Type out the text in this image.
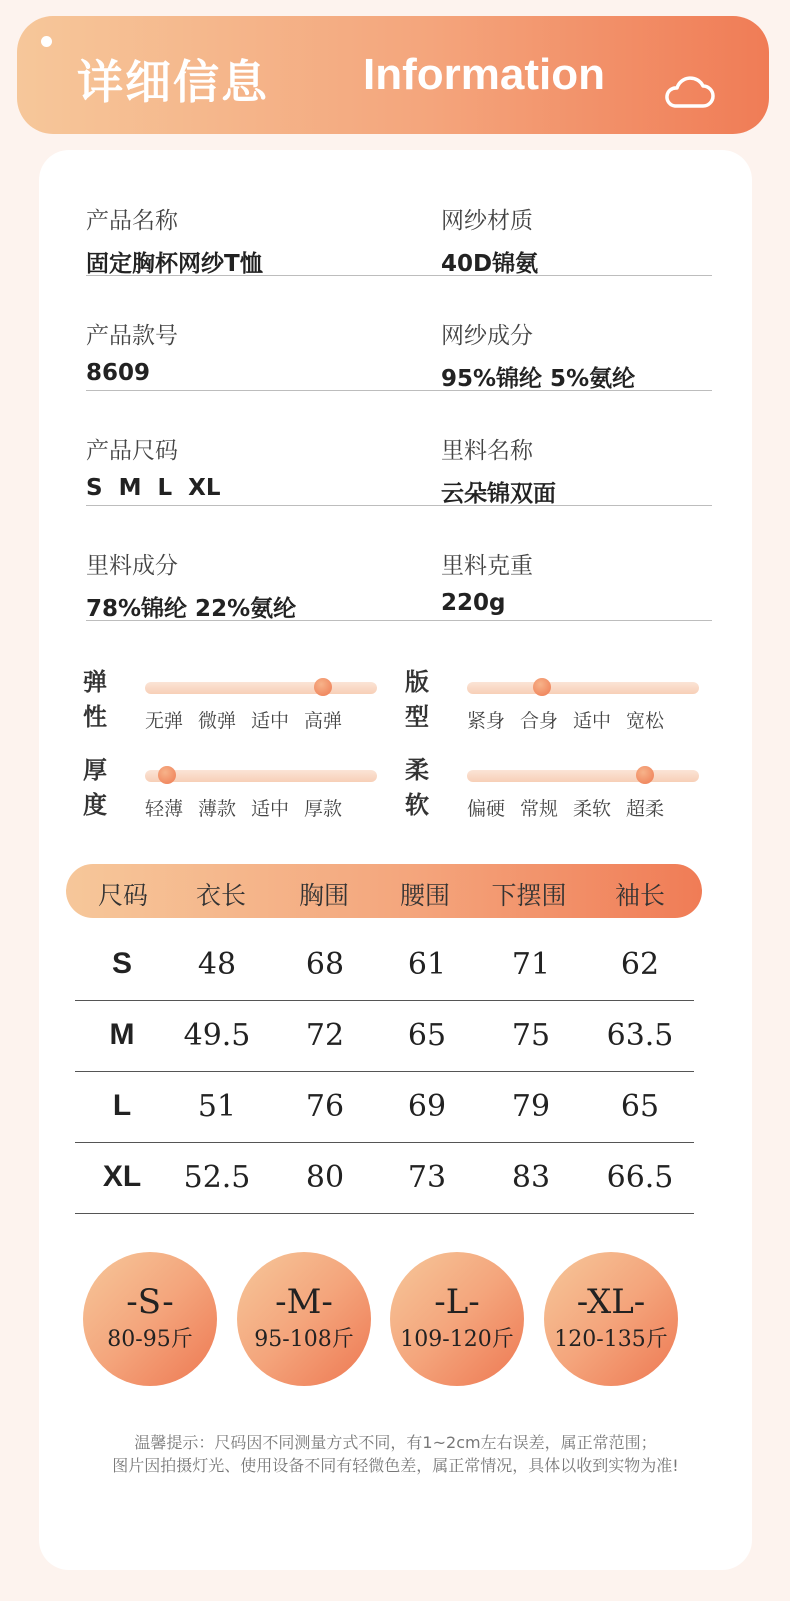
详细信息 Information
产品名称
固定胸杯网纱T恤
网纱材质
40D锦氨
产品款号
8609
网纱成分
95%锦纶 5%氨纶
产品尺码
S  M  L  XL
里料名称
云朵锦双面
里料成分
78%锦纶 22%氨纶
里料克重
220g
弹性 无弹 微弹 适中 高弹
版型 紧身 合身 适中 宽松
厚度 轻薄 薄款 适中 厚款
柔软 偏硬 常规 柔软 超柔
温馨提示：尺码因不同测量方式不同，有1~2cm左右误差，属正常范围；
图片因拍摄灯光、使用设备不同有轻微色差，属正常情况，具体以收到实物为准!
尺码 衣长 胸围 腰围 下摆围 袖长
S 48 68 61 71 62
M 49.5 72 65 75 63.5
L 51 76 69 79 65
XL 52.5 80 73 83 66.5
-S-
80-95斤
-M-
95-108斤
-L-
109-120斤
-XL-
120-135斤
